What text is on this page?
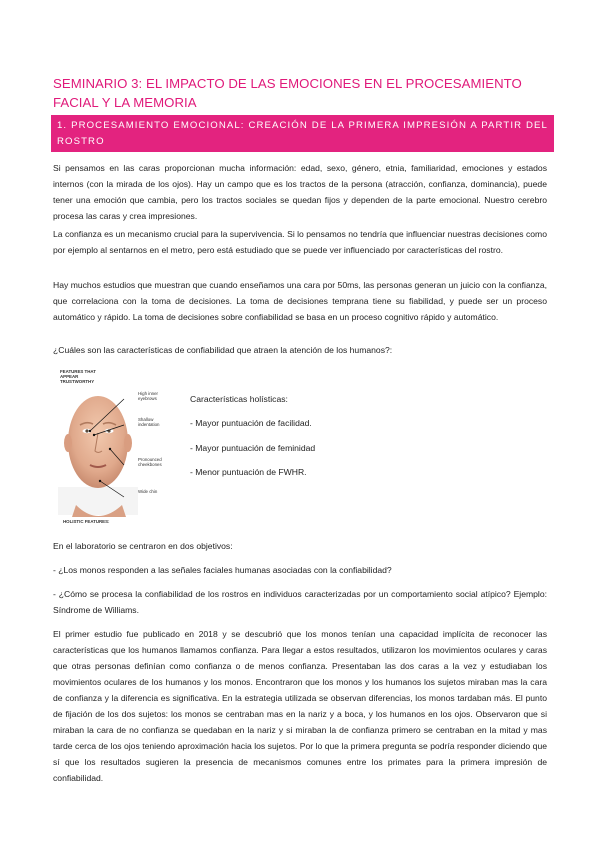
SEMINARIO 3: EL IMPACTO DE LAS EMOCIONES EN EL PROCESAMIENTO FACIAL Y LA MEMORIA
1. PROCESAMIENTO EMOCIONAL: CREACIÓN DE LA PRIMERA IMPRESIÓN A PARTIR DEL ROSTRO

Si pensamos en las caras proporcionan mucha información: edad, sexo, género, etnia, familiaridad, emociones y estados internos (con la mirada de los ojos). Hay un campo que es los tractos de la persona (atracción, confianza, dominancia), puede tener una emoción que cambia, pero los tractos sociales se quedan fijos y dependen de la parte emocional. Nuestro cerebro procesa las caras y crea impresiones.

La confianza es un mecanismo crucial para la supervivencia. Si lo pensamos no tendría que influenciar nuestras decisiones como por ejemplo al sentarnos en el metro, pero está estudiado que se puede ver influenciado por características del rostro.

Hay muchos estudios que muestran que cuando enseñamos una cara por 50ms, las personas generan un juicio con la confianza, que correlaciona con la toma de decisiones. La toma de decisiones temprana tiene su fiabilidad, y puede ser un proceso automático y rápido. La toma de decisiones sobre confiabilidad se basa en un proceso cognitivo rápido y automático.

¿Cuáles son las características de confiabilidad que atraen la atención de los humanos?:

FEATURES THAT APPEAR TRUSTWORTHY
High inner eyebrows
Shallow indentation
Pronounced cheekbones
Wide chin
HOLISTIC FEATURES:
Características holísticas:
- Mayor puntuación de facilidad.
- Mayor puntuación de feminidad
- Menor puntuación de FWHR.

En el laboratorio se centraron en dos objetivos:

- ¿Los monos responden a las señales faciales humanas asociadas con la confiabilidad?

- ¿Cómo se procesa la confiabilidad de los rostros en individuos caracterizadas por un comportamiento social atípico? Ejemplo: Síndrome de Williams.

El primer estudio fue publicado en 2018 y se descubrió que los monos tenían una capacidad implícita de reconocer las características que los humanos llamamos confianza. Para llegar a estos resultados, utilizaron los movimientos oculares y caras que otras personas definían como confianza o de menos confianza. Presentaban las dos caras a la vez y estudiaban los movimientos oculares de los humanos y los monos. Encontraron que los monos y los humanos los sujetos miraban mas la cara de confianza y la diferencia es significativa. En la estrategia utilizada se observan diferencias, los monos tardaban más. El punto de fijación de los dos sujetos: los monos se centraban mas en la nariz y a boca, y los humanos en los ojos. Observaron que si miraban la cara de no confianza se quedaban en la nariz y si miraban la de confianza primero se centraban en la mitad y mas tarde cerca de los ojos teniendo aproximación hacia los sujetos. Por lo que la primera pregunta se podría responder diciendo que sí que los resultados sugieren la presencia de mecanismos comunes entre los primates para la primera impresión de confiabilidad.
